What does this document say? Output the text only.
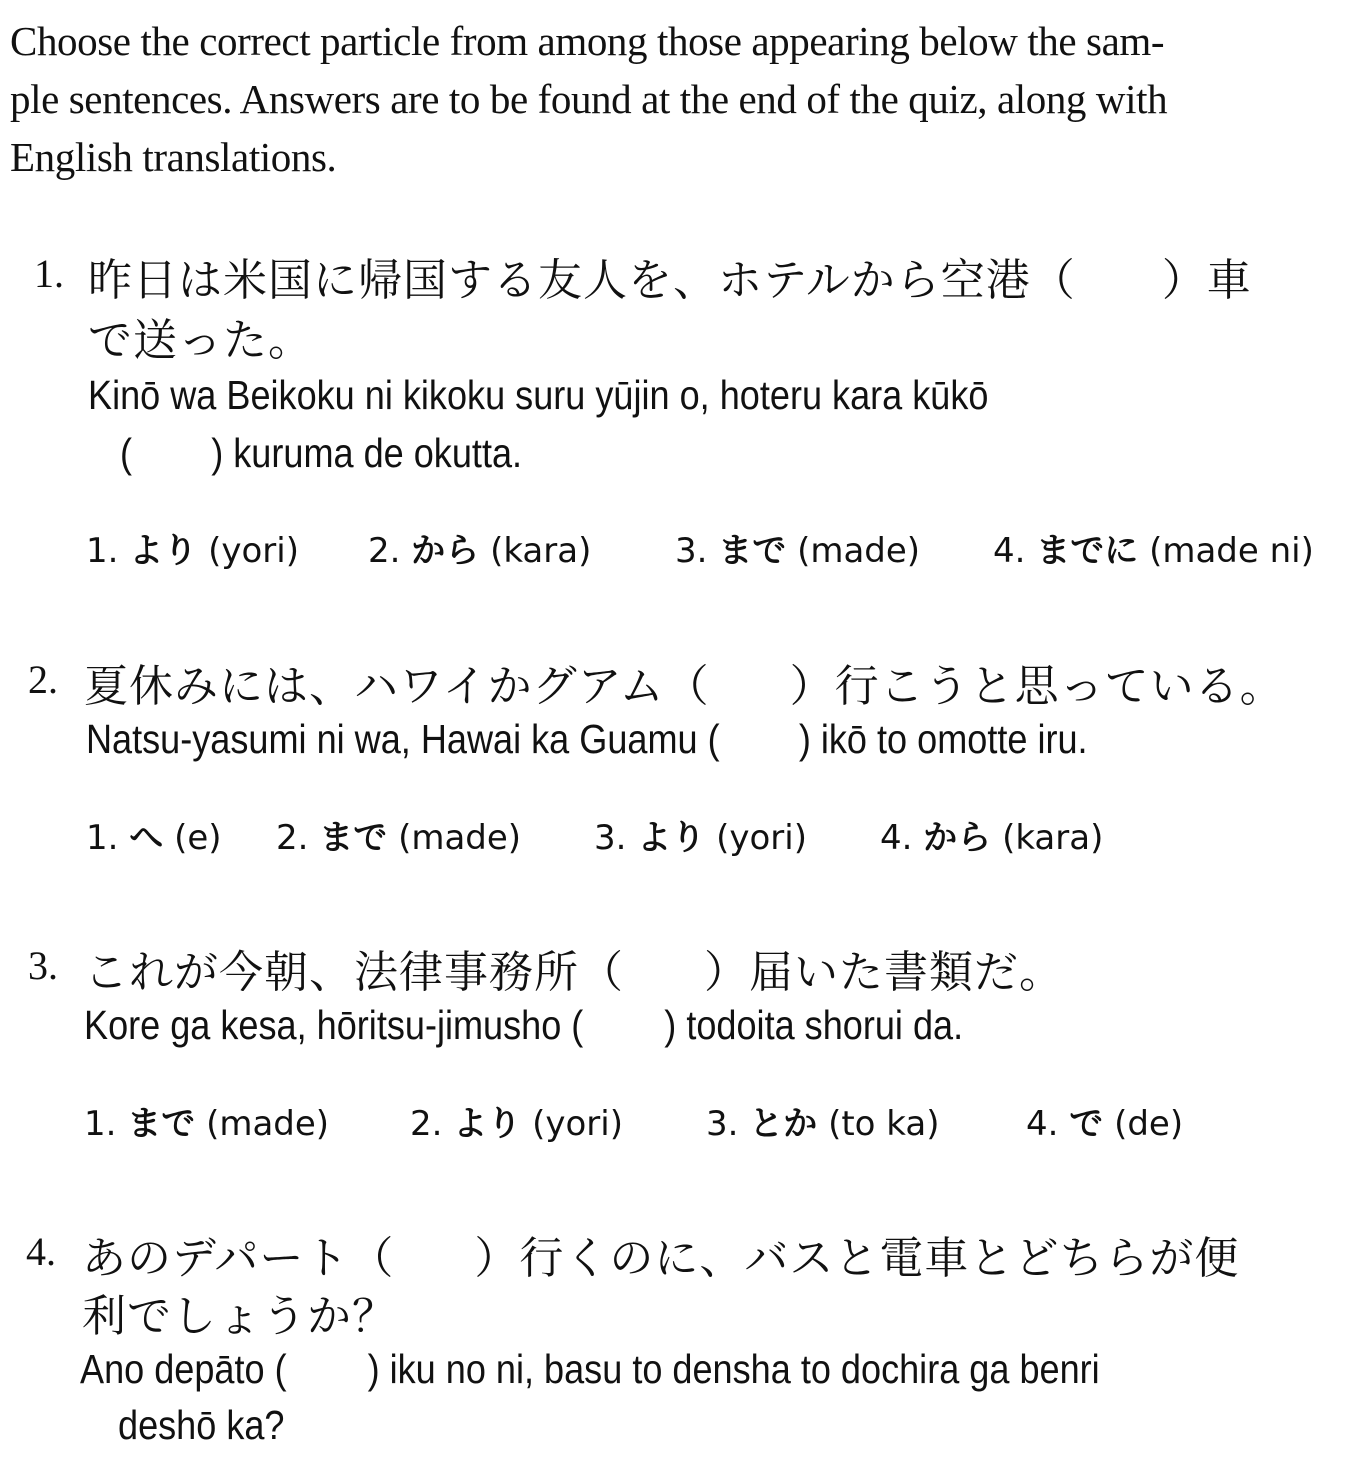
Choose the correct particle from among those appearing below the sam-
ple sentences. Answers are to be found at the end of the quiz, along with
English translations.
1. 昨日は米国に帰国する友人を、ホテルから空港（ ）車
で送った。
Kinō wa Beikoku ni kikoku suru yūjin o, hoteru kara kūkō
( ) kuruma de okutta.
1. より (yori) 2. から (kara) 3. まで (made) 4. までに (made ni)
2. 夏休みには、ハワイかグアム（ ）行こうと思っている。
Natsu-yasumi ni wa, Hawai ka Guamu ( ) ikō to omotte iru.
1. へ (e) 2. まで (made) 3. より (yori) 4. から (kara)
3. これが今朝、法律事務所（ ）届いた書類だ。
Kore ga kesa, hōritsu-jimusho ( ) todoita shorui da.
1. まで (made) 2. より (yori) 3. とか (to ka)	4. で (de)
4. あのデパート（ ）行くのに、バスと電車とどちらが便
利でしょうか？
Ano depāto ( ) iku no ni, basu to densha to dochira ga benri
deshō ka?
